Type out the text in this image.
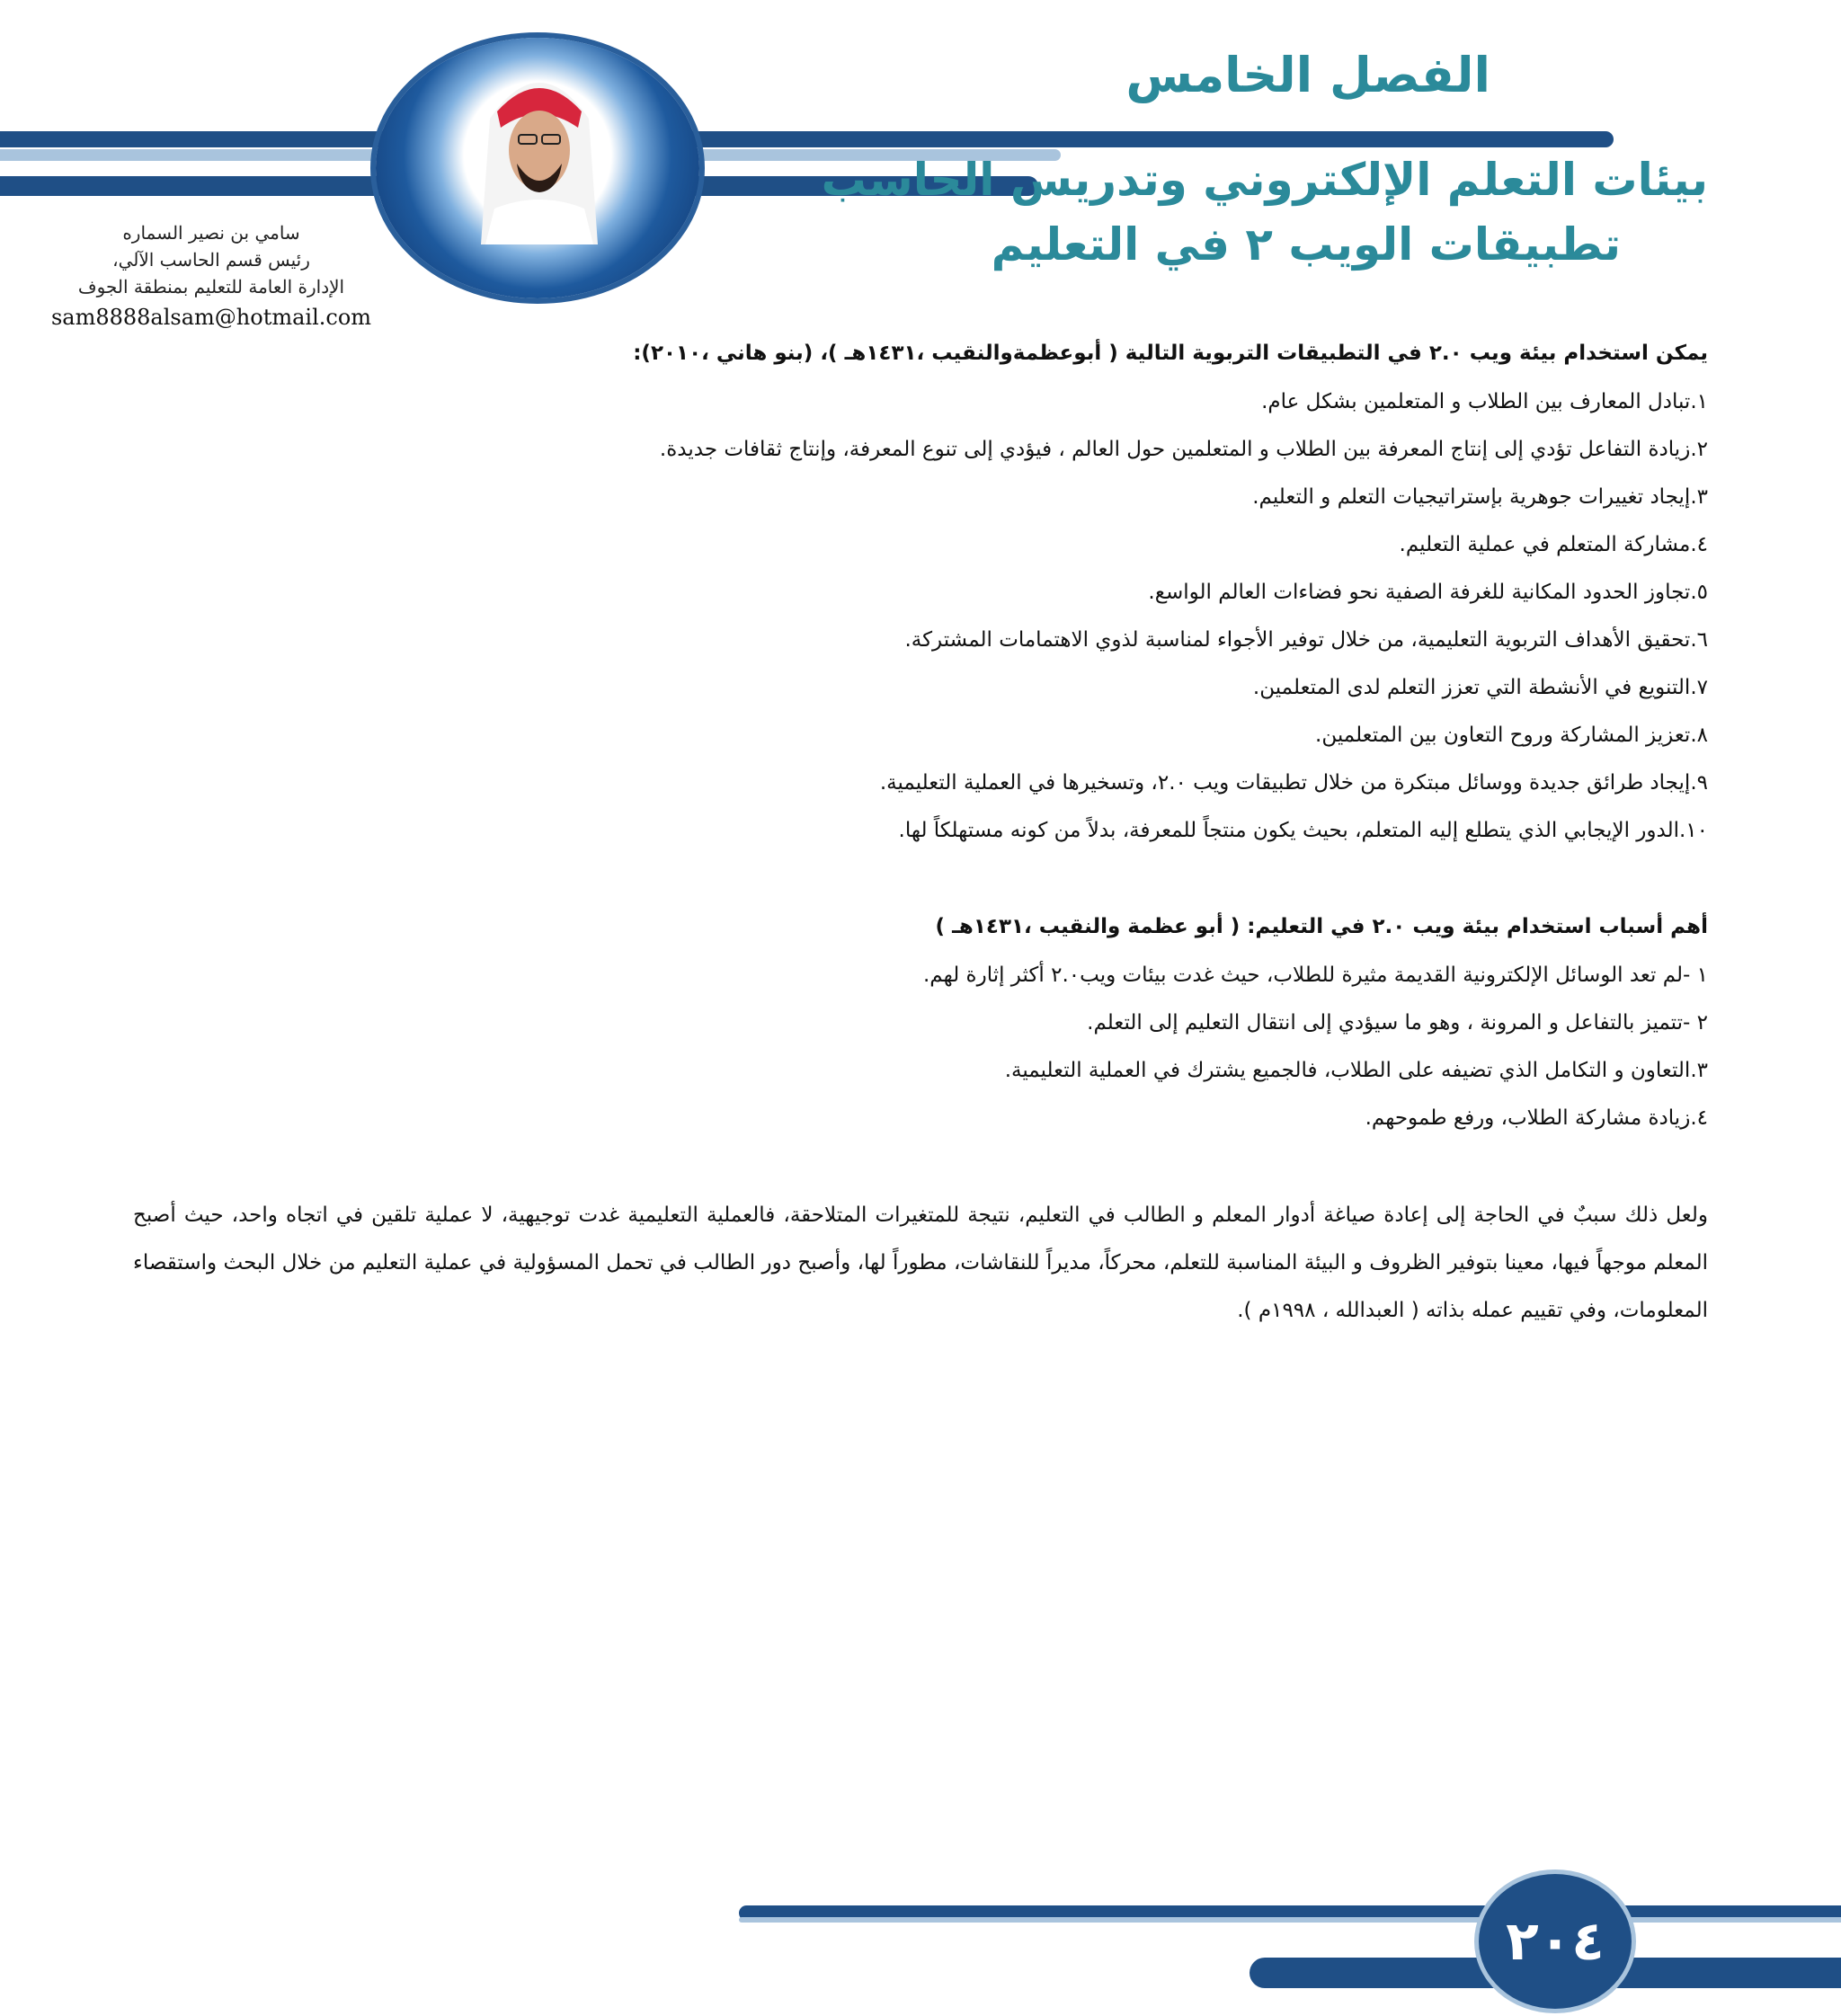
الفصل الخامس
بيئات التعلم الإلكتروني وتدريس الحاسب
تطبيقات الويب ٢ في التعليم
سامي بن نصير السماره
رئيس قسم الحاسب الآلي،
الإدارة العامة للتعليم بمنطقة الجوف
sam8888alsam@hotmail.com
يمكن استخدام بيئة ويب ٢.٠ في التطبيقات التربوية التالية ( أبوعظمةوالنقيب ،١٤٣١هـ )، (بنو هاني ،٢٠١٠):
١.تبادل المعارف بين الطلاب و المتعلمين بشكل عام.
٢.زيادة التفاعل تؤدي إلى إنتاج المعرفة بين الطلاب و المتعلمين حول العالم ، فيؤدي إلى تنوع المعرفة، وإنتاج ثقافات جديدة.
٣.إيجاد تغييرات جوهرية بإستراتيجيات التعلم و التعليم.
٤.مشاركة المتعلم في عملية التعليم.
٥.تجاوز الحدود المكانية للغرفة الصفية نحو فضاءات العالم الواسع.
٦.تحقيق الأهداف التربوية التعليمية، من خلال توفير الأجواء لمناسبة لذوي الاهتمامات المشتركة.
٧.التنويع في الأنشطة التي تعزز التعلم لدى المتعلمين.
٨.تعزيز المشاركة وروح التعاون بين المتعلمين.
٩.إيجاد طرائق جديدة ووسائل مبتكرة من خلال تطبيقات ويب ٢.٠، وتسخيرها في العملية التعليمية.
١٠.الدور الإيجابي الذي يتطلع إليه المتعلم، بحيث يكون منتجاً للمعرفة، بدلاً من كونه مستهلكاً لها.
أهم أسباب استخدام بيئة ويب ٢.٠ في التعليم: ( أبو عظمة والنقيب ،١٤٣١هـ )
١ -لم تعد الوسائل الإلكترونية القديمة مثيرة للطلاب، حيث غدت بيئات ويب٢.٠ أكثر إثارة لهم.
٢ -تتميز بالتفاعل و المرونة ، وهو ما سيؤدي إلى انتقال التعليم إلى التعلم.
٣.التعاون و التكامل الذي تضيفه على الطلاب، فالجميع يشترك في العملية التعليمية.
٤.زيادة مشاركة الطلاب، ورفع طموحهم.
ولعل ذلك سببٌ في الحاجة إلى إعادة صياغة أدوار المعلم و الطالب في التعليم، نتيجة للمتغيرات المتلاحقة، فالعملية التعليمية غدت توجيهية، لا عملية تلقين في اتجاه واحد، حيث أصبح المعلم موجهاً فيها، معينا بتوفير الظروف و البيئة المناسبة للتعلم، محركاً، مديراً للنقاشات، مطوراً لها، وأصبح دور الطالب في تحمل المسؤولية في عملية التعليم من خلال البحث واستقصاء المعلومات، وفي تقييم عمله بذاته ( العبدالله ، ١٩٩٨م ).
٢٠٤
